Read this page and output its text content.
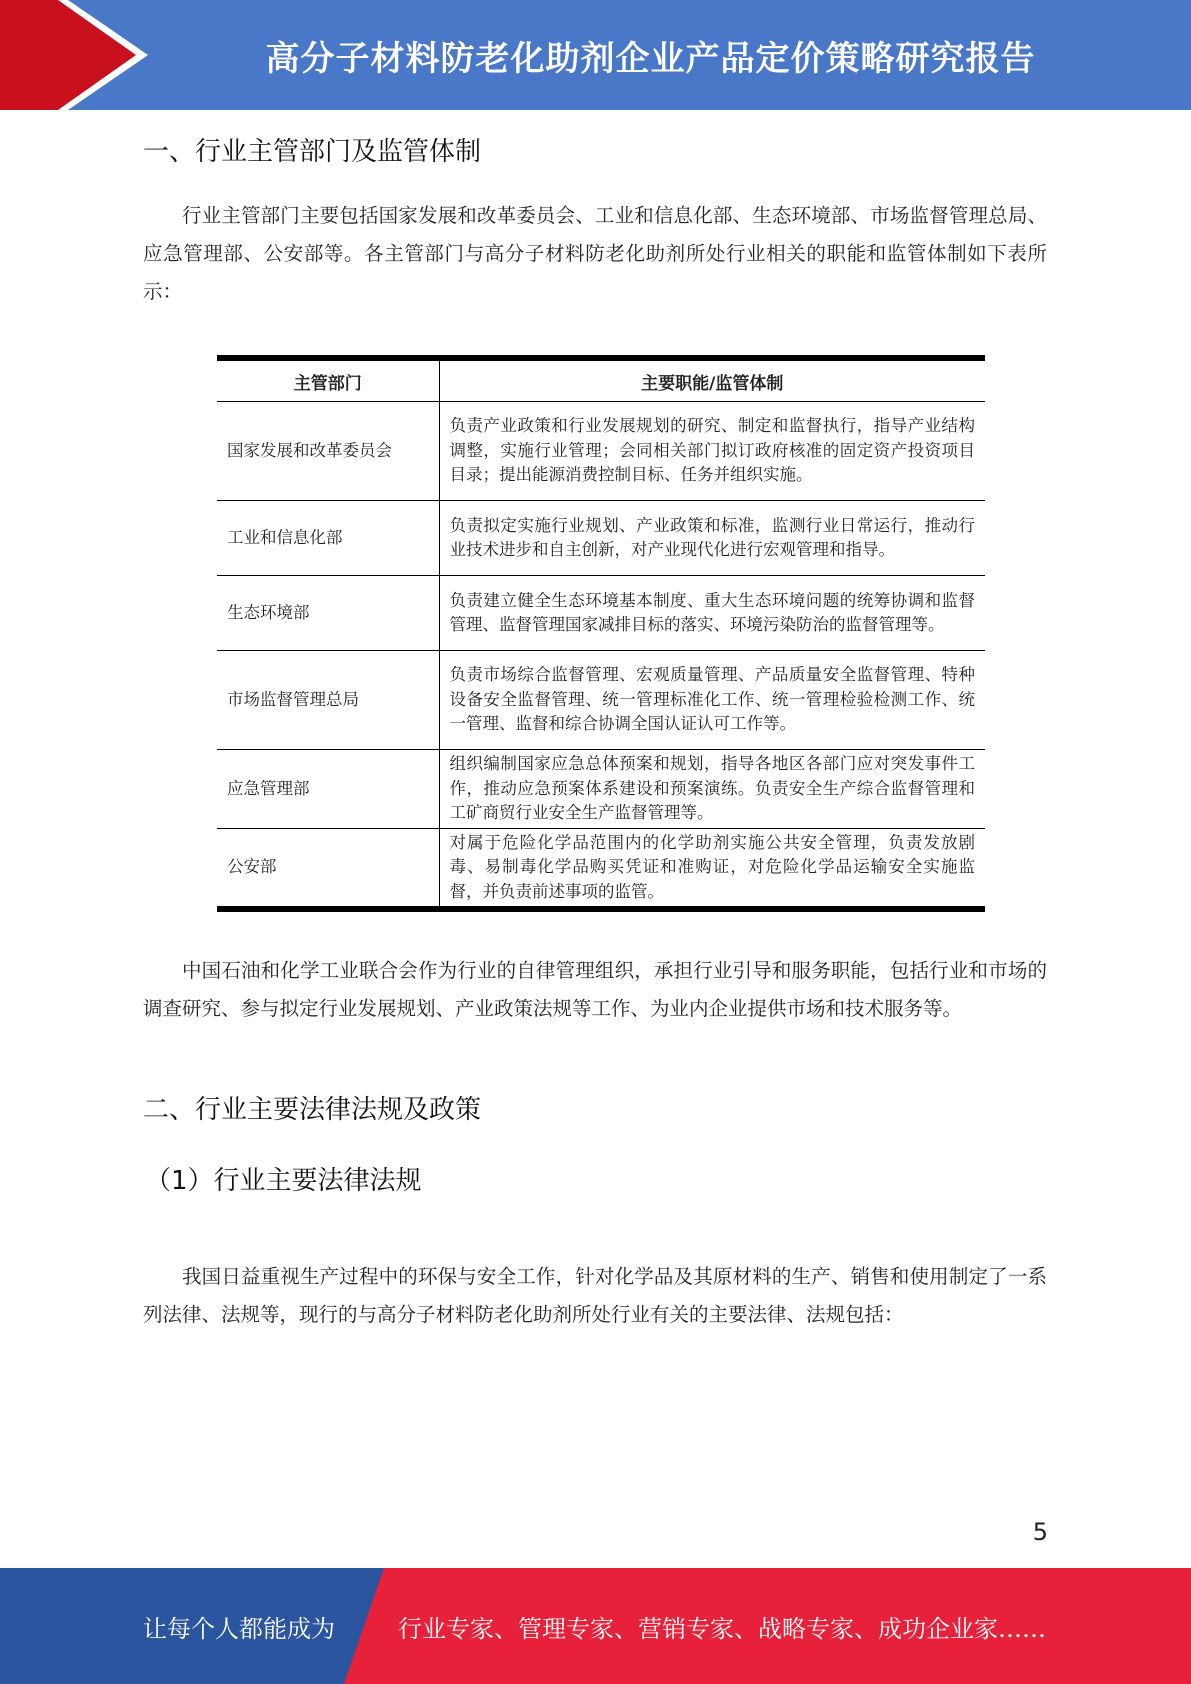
高分子材料防老化助剂企业产品定价策略研究报告
一、行业主管部门及监管体制

行业主管部门主要包括国家发展和改革委员会、工业和信息化部、生态环境部、市场监督管理总局、应急管理部、公安部等。各主管部门与高分子材料防老化助剂所处行业相关的职能和监管体制如下表所示：

主管部门	主要职能/监管体制
国家发展和改革委员会	负责产业政策和行业发展规划的研究、制定和监督执行，指导产业结构调整，实施行业管理；会同相关部门拟订政府核准的固定资产投资项目目录；提出能源消费控制目标、任务并组织实施。
工业和信息化部	负责拟定实施行业规划、产业政策和标准，监测行业日常运行，推动行业技术进步和自主创新，对产业现代化进行宏观管理和指导。
生态环境部	负责建立健全生态环境基本制度、重大生态环境问题的统筹协调和监督管理、监督管理国家减排目标的落实、环境污染防治的监督管理等。
市场监督管理总局	负责市场综合监督管理、宏观质量管理、产品质量安全监督管理、特种设备安全监督管理、统一管理标准化工作、统一管理检验检测工作、统一管理、监督和综合协调全国认证认可工作等。
应急管理部	组织编制国家应急总体预案和规划，指导各地区各部门应对突发事件工作，推动应急预案体系建设和预案演练。负责安全生产综合监督管理和工矿商贸行业安全生产监督管理等。
公安部	对属于危险化学品范围内的化学助剂实施公共安全管理，负责发放剧毒、易制毒化学品购买凭证和准购证，对危险化学品运输安全实施监督，并负责前述事项的监管。

中国石油和化学工业联合会作为行业的自律管理组织，承担行业引导和服务职能，包括行业和市场的调查研究、参与拟定行业发展规划、产业政策法规等工作、为业内企业提供市场和技术服务等。

二、行业主要法律法规及政策
（1）行业主要法律法规

我国日益重视生产过程中的环保与安全工作，针对化学品及其原材料的生产、销售和使用制定了一系列法律、法规等，现行的与高分子材料防老化助剂所处行业有关的主要法律、法规包括：

5
让每个人都能成为	行业专家、管理专家、营销专家、战略专家、成功企业家……
